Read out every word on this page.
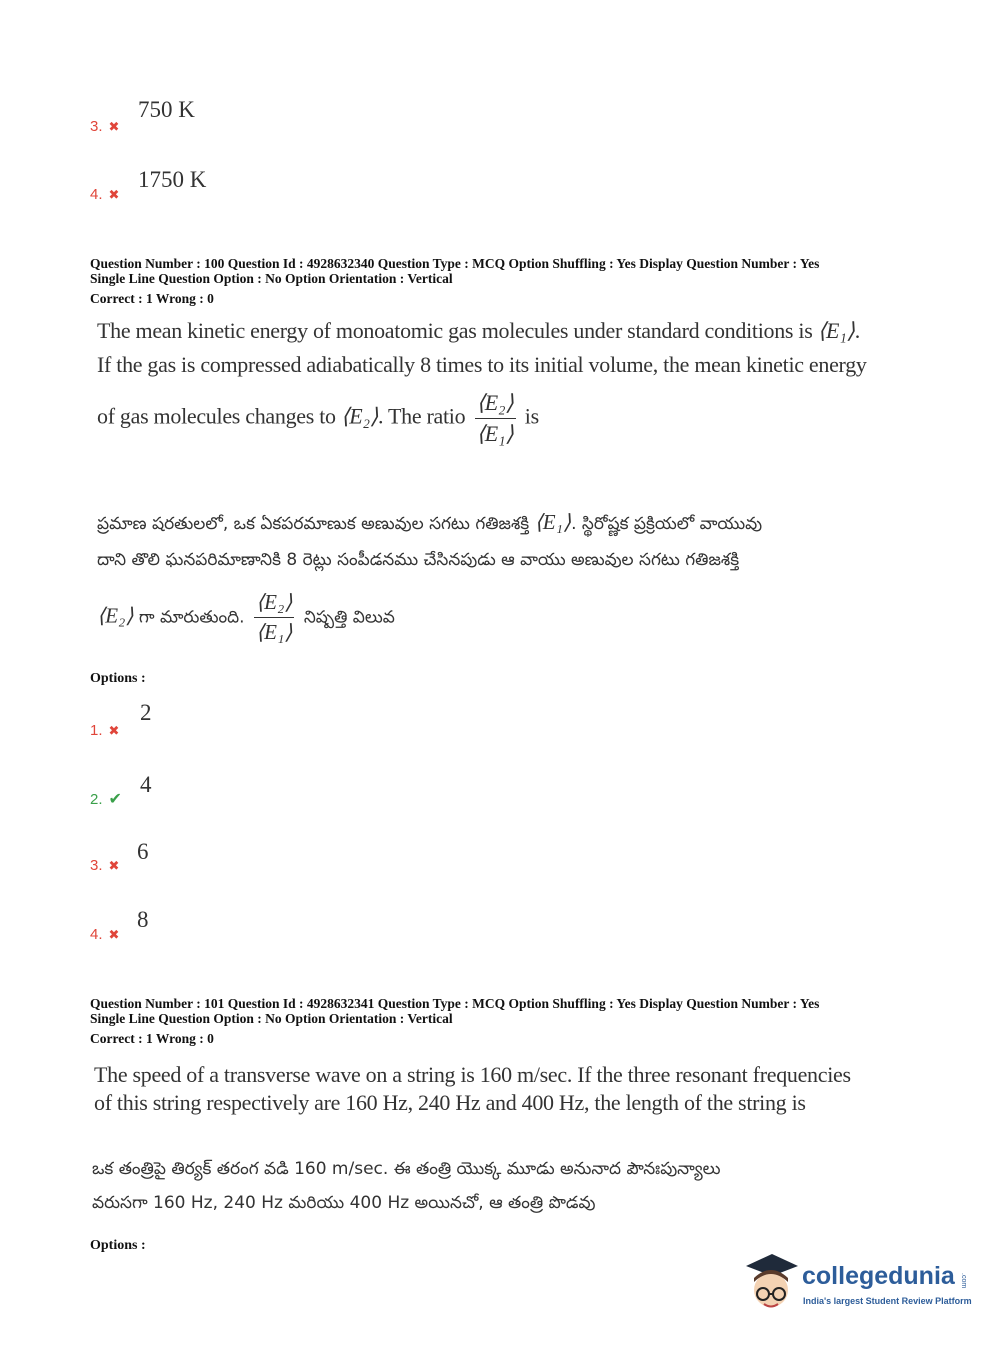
3. ✖
750 K
4. ✖
1750 K
Question Number : 100 Question Id : 4928632340 Question Type : MCQ Option Shuffling : Yes Display Question Number : Yes
Single Line Question Option : No Option Orientation : Vertical
Correct : 1 Wrong : 0
The mean kinetic energy of monoatomic gas molecules under standard conditions is ⟨E₁⟩.
If the gas is compressed adiabatically 8 times to its initial volume, the mean kinetic energy
of gas molecules changes to ⟨E₂⟩. The ratio $\frac{\text{⟨E₂⟩}}{\text{⟨E₁⟩}}$ is
ప్రమాణ షరతులలో, ఒక ఏకపరమాణుక అణువుల సగటు గతిజశక్తి ⟨E₁⟩. స్థిరోష్ణక ప్రక్రియలో వాయువు
దాని తొలి ఘనపరిమాణానికి 8 రెట్లు సంపీడనము చేసినపుడు ఆ వాయు అణువుల సగటు గతిజశక్తి
⟨E₂⟩ గా మారుతుంది. $\frac{\text{⟨E₂⟩}}{\text{⟨E₁⟩}}$ నిష్పత్తి విలువ
Options :
1. ✖
2
2. ✔
4
3. ✖
6
4. ✖
8
Question Number : 101 Question Id : 4928632341 Question Type : MCQ Option Shuffling : Yes Display Question Number : Yes
Single Line Question Option : No Option Orientation : Vertical
Correct : 1 Wrong : 0
The speed of a transverse wave on a string is 160 m/sec. If the three resonant frequencies
of this string respectively are 160 Hz, 240 Hz and 400 Hz, the length of the string is
ఒక తంత్రిపై తిర్యక్ తరంగ వడి 160 m/sec. ఈ తంత్రి యొక్క మూడు అనునాద పౌనఃపున్యాలు
వరుసగా 160 Hz, 240 Hz మరియు 400 Hz అయినచో, ఆ తంత్రి పొడవు
Options :
collegedunia .com
India's largest Student Review Platform
